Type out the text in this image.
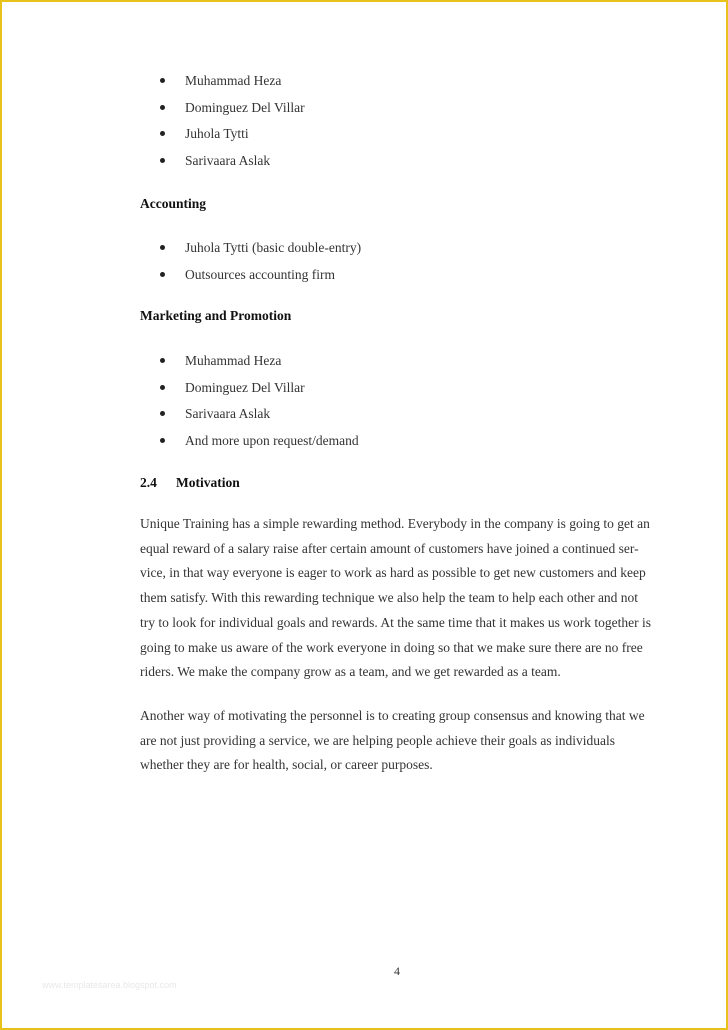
Muhammad Heza
Dominguez Del Villar
Juhola Tytti
Sarivaara Aslak
Accounting
Juhola Tytti (basic double-entry)
Outsources accounting firm
Marketing and Promotion
Muhammad Heza
Dominguez Del Villar
Sarivaara Aslak
And more upon request/demand
2.4 Motivation
Unique Training has a simple rewarding method. Everybody in the company is going to get an
equal reward of a salary raise after certain amount of customers have joined a continued ser-
vice, in that way everyone is eager to work as hard as possible to get new customers and keep
them satisfy. With this rewarding technique we also help the team to help each other and not
try to look for individual goals and rewards. At the same time that it makes us work together is
going to make us aware of the work everyone in doing so that we make sure there are no free
riders. We make the company grow as a team, and we get rewarded as a team.
Another way of motivating the personnel is to creating group consensus and knowing that we
are not just providing a service, we are helping people achieve their goals as individuals
whether they are for health, social, or career purposes.
4
www.templatesarea.blogspot.com
